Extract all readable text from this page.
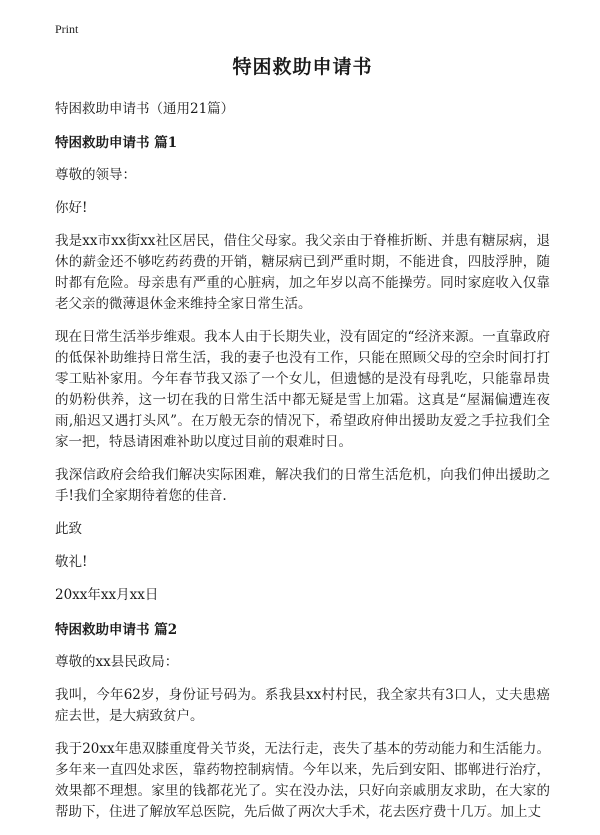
Print
特困救助申请书
特困救助申请书（通用21篇）
特困救助申请书 篇1
尊敬的领导：
你好!
我是xx市xx街xx社区居民，借住父母家。我父亲由于脊椎折断、并患有糖尿病，退休的薪金还不够吃药药费的开销，糖尿病已到严重时期，不能进食，四肢浮肿，随时都有危险。母亲患有严重的心脏病，加之年岁以高不能操劳。同时家庭收入仅靠老父亲的微薄退休金来维持全家日常生活。
现在日常生活举步维艰。我本人由于长期失业，没有固定的“经济来源。一直靠政府的低保补助维持日常生活，我的妻子也没有工作，只能在照顾父母的空余时间打打零工贴补家用。今年春节我又添了一个女儿，但遗憾的是没有母乳吃，只能靠昂贵的奶粉供养，这一切在我的日常生活中都无疑是雪上加霜。这真是“屋漏偏遭连夜雨,船迟又遇打头风”。在万般无奈的情况下，希望政府伸出援助友爱之手拉我们全家一把，特恳请困难补助以度过目前的艰难时日。
我深信政府会给我们解决实际困难，解决我们的日常生活危机，向我们伸出援助之手!我们全家期待着您的佳音.
此致
敬礼!
20xx年xx月xx日
特困救助申请书 篇2
尊敬的xx县民政局：
我叫，今年62岁，身份证号码为。系我县xx村村民，我全家共有3口人，丈夫患癌症去世，是大病致贫户。
我于20xx年患双膝重度骨关节炎，无法行走，丧失了基本的劳动能力和生活能力。多年来一直四处求医，靠药物控制病情。今年以来，先后到安阳、邯郸进行治疗，效果都不理想。家里的钱都花光了。实在没办法，只好向亲戚朋友求助，在大家的帮助下，住进了解放军总医院，先后做了两次大手术，花去医疗费十几万。加上丈
